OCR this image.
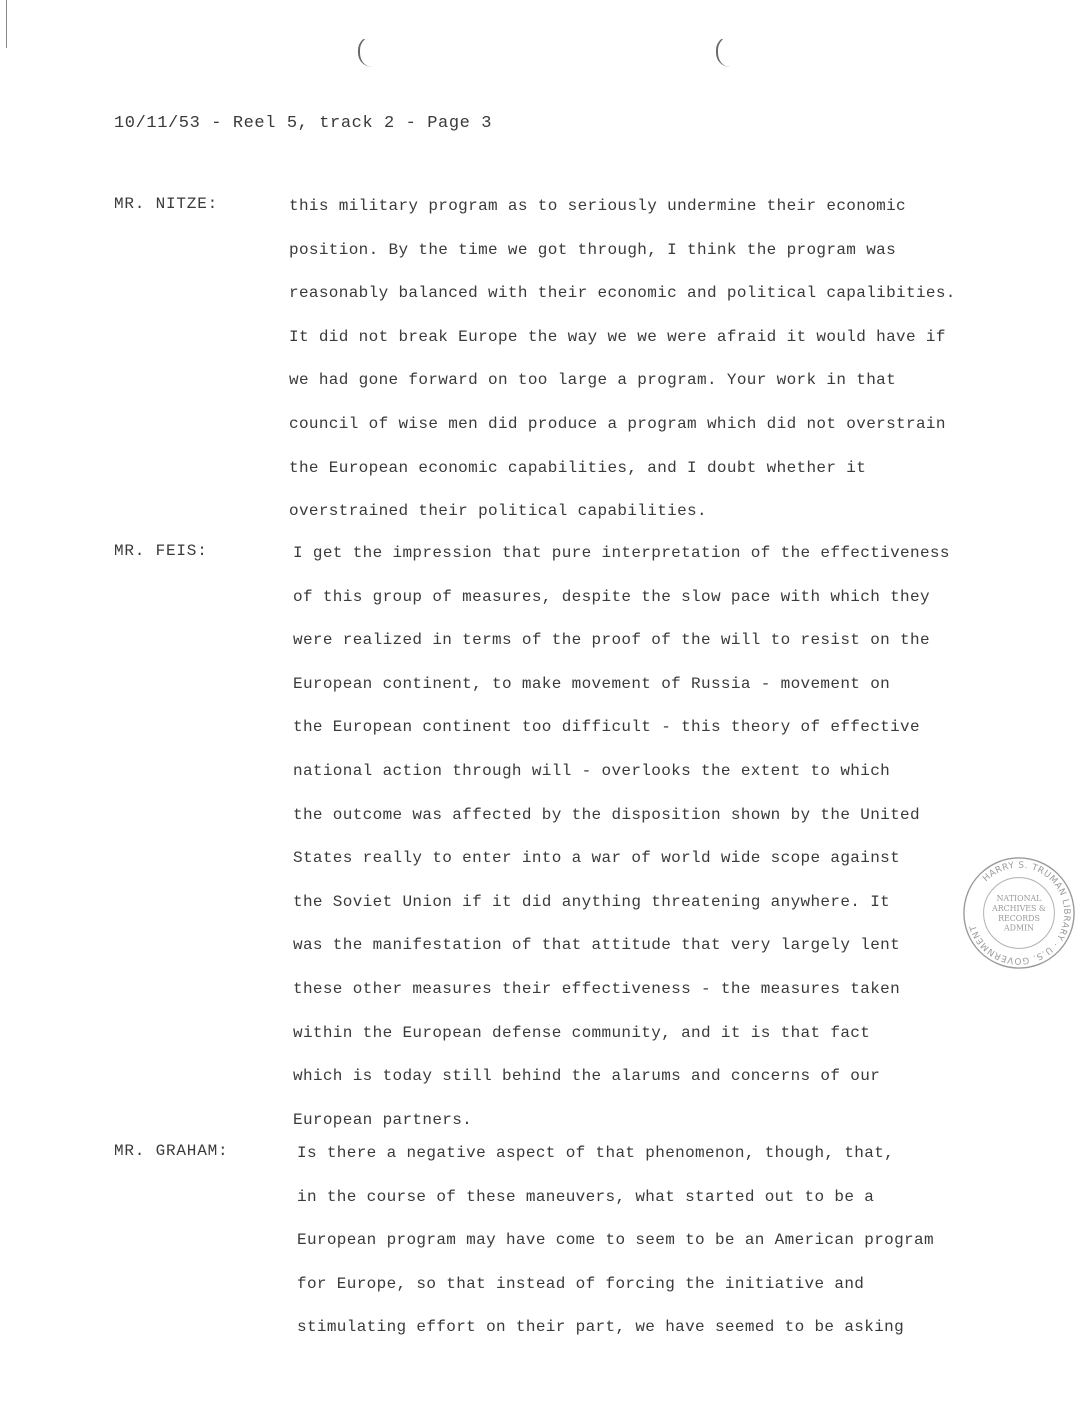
10/11/53 - Reel 5, track 2 - Page 3
MR. NITZE:	this military program as to seriously undermine their economic
position. By the time we got through, I think the program was
reasonably balanced with their economic and political capalibities.
It did not break Europe the way we we were afraid it would have if
we had gone forward on too large a program. Your work in that
council of wise men did produce a program which did not overstrain
the European economic capabilities, and I doubt whether it
overstrained their political capabilities.
MR. FEIS:	I get the impression that pure interpretation of the effectiveness
of this group of measures, despite the slow pace with which they
were realized in terms of the proof of the will to resist on the
European continent, to make movement of Russia - movement on
the European continent too difficult - this theory of effective
national action through will - overlooks the extent to which
the outcome was affected by the disposition shown by the United
States really to enter into a war of world wide scope against
the Soviet Union if it did anything threatening anywhere. It
was the manifestation of that attitude that very largely lent
these other measures their effectiveness - the measures taken
within the European defense community, and it is that fact
which is today still behind the alarums and concerns of our
European partners.
MR. GRAHAM:	Is there a negative aspect of that phenomenon, though, that,
in the course of these maneuvers, what started out to be a
European program may have come to seem to be an American program
for Europe, so that instead of forcing the initiative and
stimulating effort on their part, we have seemed to be asking
HARRY S. TRUMAN LIBRARY · U.S. GOVERNMENT
NATIONAL
ARCHIVES &
RECORDS
ADMIN
